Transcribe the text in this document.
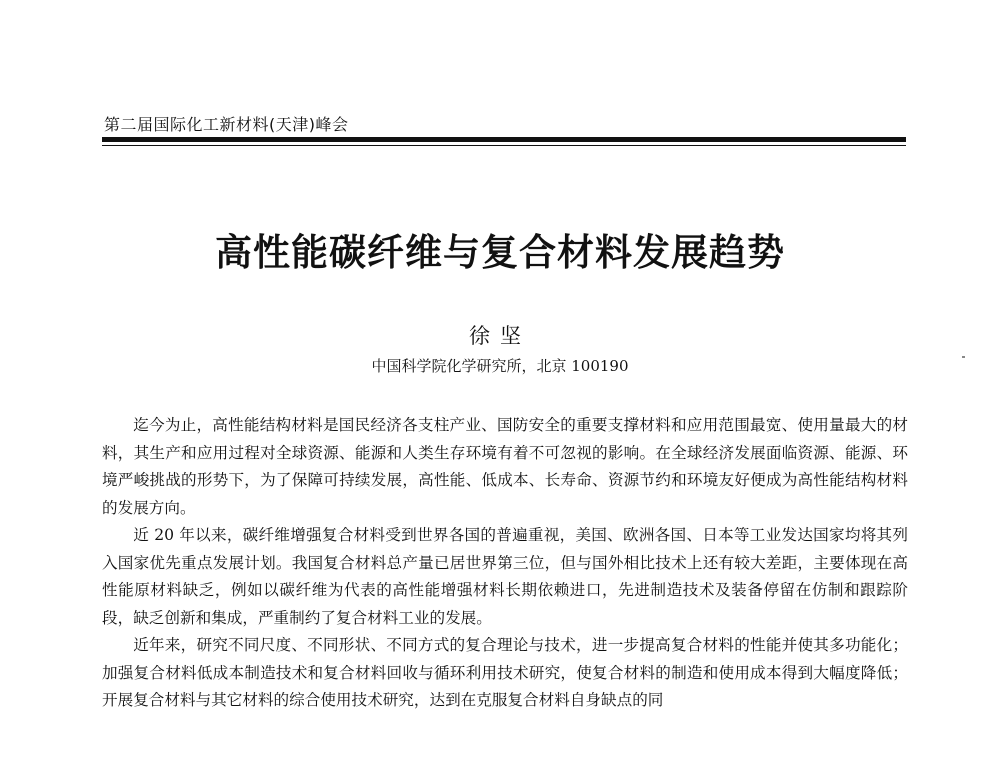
第二届国际化工新材料(天津)峰会
高性能碳纤维与复合材料发展趋势
徐坚
中国科学院化学研究所，北京 100190

迄今为止，高性能结构材料是国民经济各支柱产业、国防安全的重要支撑材料和应用范围最宽、使用量最大的材料，其生产和应用过程对全球资源、能源和人类生存环境有着不可忽视的影响。在全球经济发展面临资源、能源、环境严峻挑战的形势下，为了保障可持续发展，高性能、低成本、长寿命、资源节约和环境友好便成为高性能结构材料的发展方向。

近 20 年以来，碳纤维增强复合材料受到世界各国的普遍重视，美国、欧洲各国、日本等工业发达国家均将其列入国家优先重点发展计划。我国复合材料总产量已居世界第三位，但与国外相比技术上还有较大差距，主要体现在高性能原材料缺乏，例如以碳纤维为代表的高性能增强材料长期依赖进口，先进制造技术及装备停留在仿制和跟踪阶段，缺乏创新和集成，严重制约了复合材料工业的发展。

近年来，研究不同尺度、不同形状、不同方式的复合理论与技术，进一步提高复合材料的性能并使其多功能化；加强复合材料低成本制造技术和复合材料回收与循环利用技术研究，使复合材料的制造和使用成本得到大幅度降低；开展复合材料与其它材料的综合使用技术研究，达到在克服复合材料自身缺点的同
